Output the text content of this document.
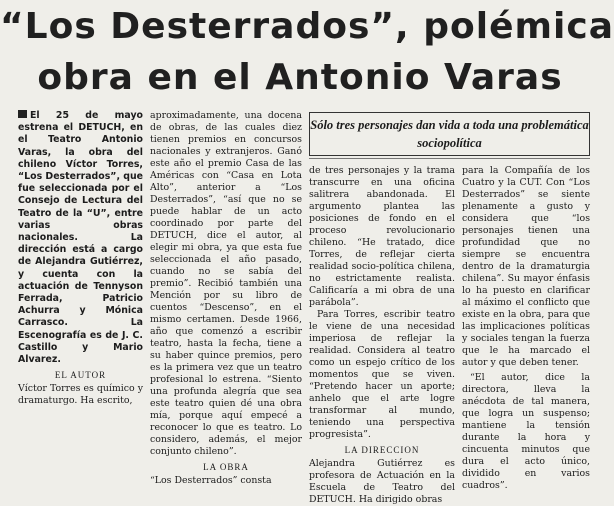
“Los Desterrados”, polémica
obra en el Antonio Varas

El 25 de mayo estrena el DETUCH, en el Teatro Antonio Varas, la obra del chileno Víctor Torres, “Los Desterrados”, que fue seleccionada por el Consejo de Lectura del Teatro de la “U”, entre varias obras nacionales. La dirección está a cargo de Alejandra Gutiérrez, y cuenta con la actuación de Tennyson Ferrada, Patricio Achurra y Mónica Carrasco. La Escenografía es de J. C. Castillo y Mario Alvarez.

EL AUTOR

Víctor Torres es químico y dramaturgo. Ha escrito,

aproximadamente, una docena de obras, de las cuales diez tienen premios en concursos nacionales y extranjeros. Ganó este año el premio Casa de las Américas con “Casa en Lota Alto”, anterior a “Los Desterrados”, “así que no se puede hablar de un acto coordinado por parte del DETUCH, dice el autor, al elegir mi obra, ya que esta fue seleccionada el año pasado, cuando no se sabía del premio”. Recibió también una Mención por su libro de cuentos “Descenso”, en el mismo certamen. Desde 1966, año que comenzó a escribir teatro, hasta la fecha, tiene a su haber quince premios, pero es la primera vez que un teatro profesional lo estrena. “Siento una profunda alegría que sea este teatro quien dé una obra mía, porque aquí empecé a reconocer lo que es teatro. Lo considero, además, el mejor conjunto chileno”.

LA OBRA

“Los Desterrados” consta

Sólo tres personajes dan vida a toda una problemática sociopolítica

de tres personajes y la trama transcurre en una oficina salitrera abandonada. El argumento plantea las posiciones de fondo en el proceso revolucionario chileno. “He tratado, dice Torres, de reflejar cierta realidad socio-política chilena, no estrictamente realista. Calificaría a mi obra de una parábola”.

Para Torres, escribir teatro le viene de una necesidad imperiosa de reflejar la realidad. Considera al teatro como un espejo crítico de los momentos que se viven. “Pretendo hacer un aporte; anhelo que el arte logre transformar al mundo, teniendo una perspectiva progresista”.

LA DIRECCION

Alejandra Gutiérrez es profesora de Actuación en la Escuela de Teatro del DETUCH. Ha dirigido obras

para la Compañía de los Cuatro y la CUT. Con “Los Desterrados” se siente plenamente a gusto y considera que “los personajes tienen una profundidad que no siempre se encuentra dentro de la dramaturgia chilena”. Su mayor énfasis lo ha puesto en clarificar al máximo el conflicto que existe en la obra, para que las implicaciones políticas y sociales tengan la fuerza que le ha marcado el autor y que deben tener.

“El autor, dice la directora, lleva la anécdota de tal manera, que logra un suspenso; mantiene la tensión durante la hora y cincuenta minutos que dura el acto único, dividido en varios cuadros”.
